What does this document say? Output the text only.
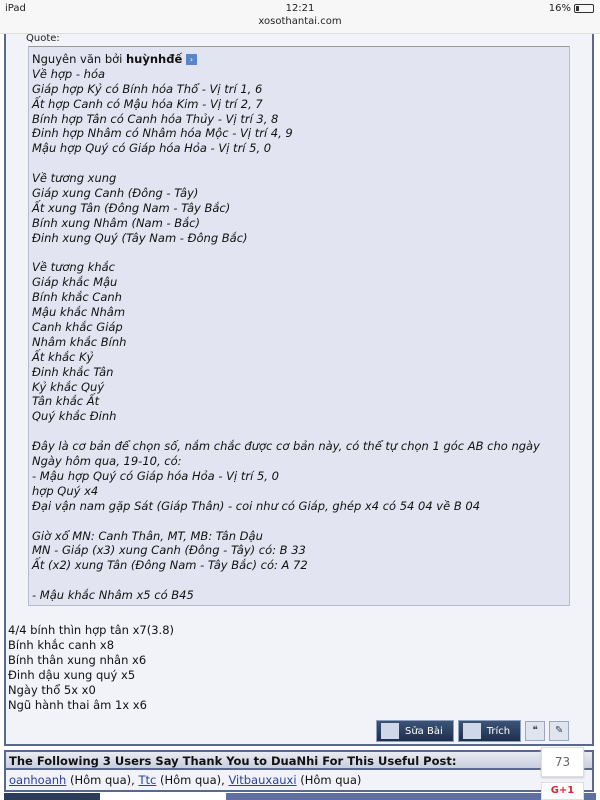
iPad	12:21
xosothantai.com
16%
Quote:
Nguyên văn bởi huỳnhđế ›
Về hợp - hóa
Giáp hợp Kỷ có Bính hóa Thổ - Vị trí 1, 6
Ất hợp Canh có Mậu hóa Kim - Vị trí 2, 7
Bính hợp Tân có Canh hóa Thủy - Vị trí 3, 8
Đinh hợp Nhâm có Nhâm hóa Mộc - Vị trí 4, 9
Mậu hợp Quý có Giáp hóa Hỏa - Vị trí 5, 0
Về tương xung
Giáp xung Canh (Đông - Tây)
Ất xung Tân (Đông Nam - Tây Bắc)
Bính xung Nhâm (Nam - Bắc)
Đinh xung Quý (Tây Nam - Đông Bắc)
Về tương khắc
Giáp khắc Mậu
Bính khắc Canh
Mậu khắc Nhâm
Canh khắc Giáp
Nhâm khắc Bính
Ất khắc Kỷ
Đinh khắc Tân
Kỷ khắc Quý
Tân khắc Ất
Quý khắc Đinh
Đây là cơ bản để chọn số, nắm chắc được cơ bản này, có thể tự chọn 1 góc AB cho ngày
Ngày hôm qua, 19-10, có:
- Mậu hợp Quý có Giáp hóa Hỏa - Vị trí 5, 0
hợp Quý x4
Đại vận nam gặp Sát (Giáp Thân) - coi như có Giáp, ghép x4 có 54 04 về B 04
Giờ xổ MN: Canh Thân, MT, MB: Tân Dậu
MN - Giáp (x3) xung Canh (Đông - Tây) có: B 33
Ất (x2) xung Tân (Đông Nam - Tây Bắc) có: A 72
- Mậu khắc Nhâm x5 có B45
4/4 bính thìn hợp tân x7(3.8)
Bính khắc canh x8
Bính thân xung nhân x6
Đinh dậu xung quý x5
Ngày thổ 5x x0
Ngũ hành thai âm 1x x6
Sửa Bài	Trích	❝	✎
The Following 3 Users Say Thank You to DuaNhi For This Useful Post:
oanhoanh (Hôm qua), Ttc (Hôm qua), Vitbauxauxi (Hôm qua)
73
G+1
